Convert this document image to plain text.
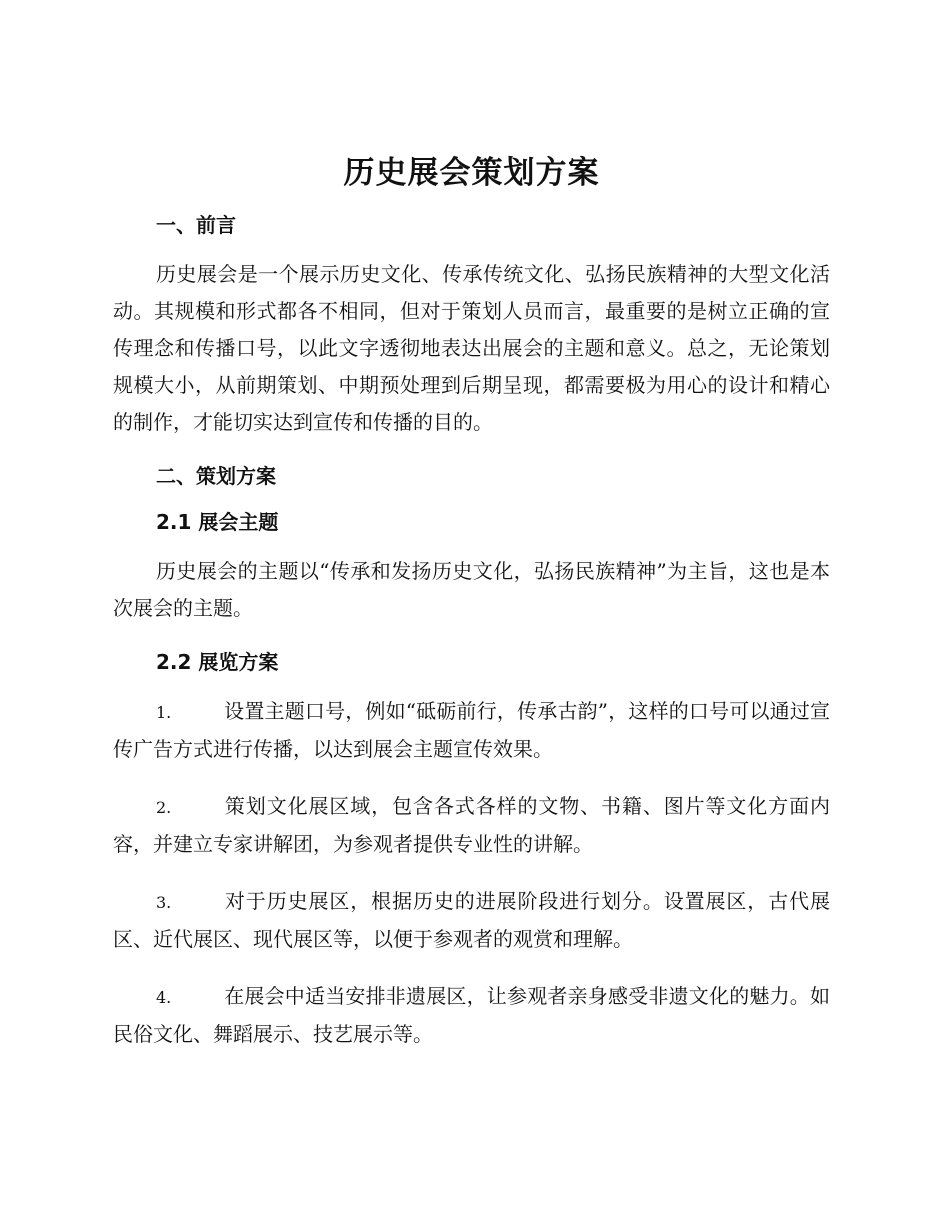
历史展会策划方案
一、前言

历史展会是一个展示历史文化、传承传统文化、弘扬民族精神的大型文化活动。其规模和形式都各不相同，但对于策划人员而言，最重要的是树立正确的宣传理念和传播口号，以此文字透彻地表达出展会的主题和意义。总之，无论策划规模大小，从前期策划、中期预处理到后期呈现，都需要极为用心的设计和精心的制作，才能切实达到宣传和传播的目的。

二、策划方案
2.1 展会主题

历史展会的主题以“传承和发扬历史文化，弘扬民族精神”为主旨，这也是本次展会的主题。

2.2 展览方案

1.	设置主题口号，例如“砥砺前行，传承古韵”，这样的口号可以通过宣传广告方式进行传播，以达到展会主题宣传效果。

2.	策划文化展区域，包含各式各样的文物、书籍、图片等文化方面内容，并建立专家讲解团，为参观者提供专业性的讲解。

3.	对于历史展区，根据历史的进展阶段进行划分。设置展区，古代展区、近代展区、现代展区等，以便于参观者的观赏和理解。

4.	在展会中适当安排非遗展区，让参观者亲身感受非遗文化的魅力。如民俗文化、舞蹈展示、技艺展示等。
